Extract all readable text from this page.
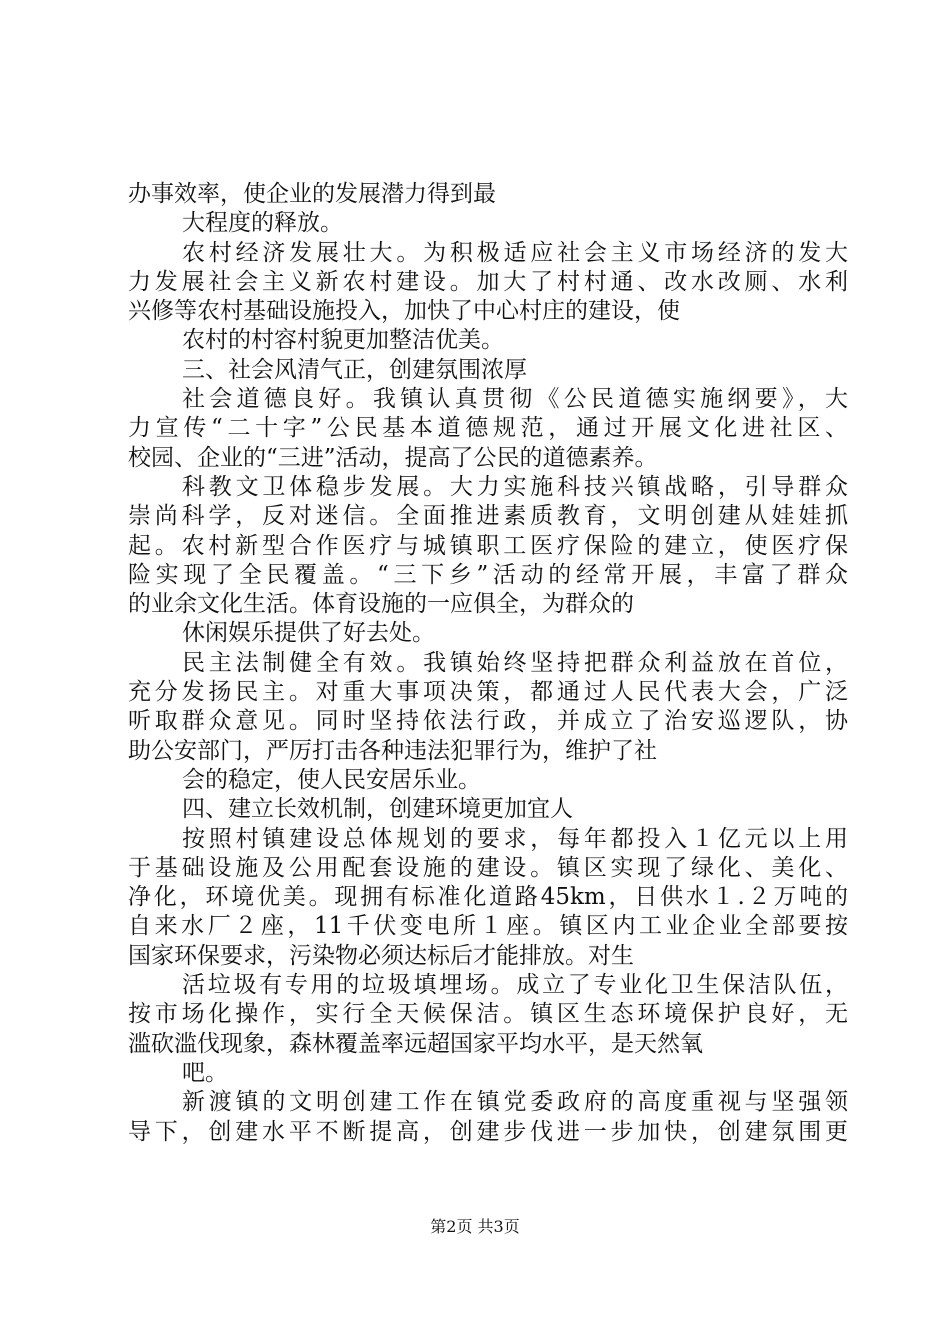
办事效率，使企业的发展潜力得到最
大程度的释放。
农村经济发展壮大。为积极适应社会主义市场经济的发大
力发展社会主义新农村建设。加大了村村通、改水改厕、水利
兴修等农村基础设施投入，加快了中心村庄的建设，使
农村的村容村貌更加整洁优美。
三、社会风清气正，创建氛围浓厚
社会道德良好。我镇认真贯彻《公民道德实施纲要》，大
力宣传“二十字”公民基本道德规范，通过开展文化进社区、
校园、企业的“三进”活动，提高了公民的道德素养。
科教文卫体稳步发展。大力实施科技兴镇战略，引导群众
崇尚科学，反对迷信。全面推进素质教育，文明创建从娃娃抓
起。农村新型合作医疗与城镇职工医疗保险的建立，使医疗保
险实现了全民覆盖。“三下乡”活动的经常开展，丰富了群众
的业余文化生活。体育设施的一应俱全，为群众的
休闲娱乐提供了好去处。
民主法制健全有效。我镇始终坚持把群众利益放在首位，
充分发扬民主。对重大事项决策，都通过人民代表大会，广泛
听取群众意见。同时坚持依法行政，并成立了治安巡逻队，协
助公安部门，严厉打击各种违法犯罪行为，维护了社
会的稳定，使人民安居乐业。
四、建立长效机制，创建环境更加宜人
按照村镇建设总体规划的要求，每年都投入１亿元以上用
于基础设施及公用配套设施的建设。镇区实现了绿化、美化、
净化，环境优美。现拥有标准化道路45km，日供水１.２万吨的
自来水厂２座，11千伏变电所１座。镇区内工业企业全部要按
国家环保要求，污染物必须达标后才能排放。对生
活垃圾有专用的垃圾填埋场。成立了专业化卫生保洁队伍，
按市场化操作，实行全天候保洁。镇区生态环境保护良好，无
滥砍滥伐现象，森林覆盖率远超国家平均水平，是天然氧
吧。
新渡镇的文明创建工作在镇党委政府的高度重视与坚强领
导下，创建水平不断提高，创建步伐进一步加快，创建氛围更
第2页 共3页
